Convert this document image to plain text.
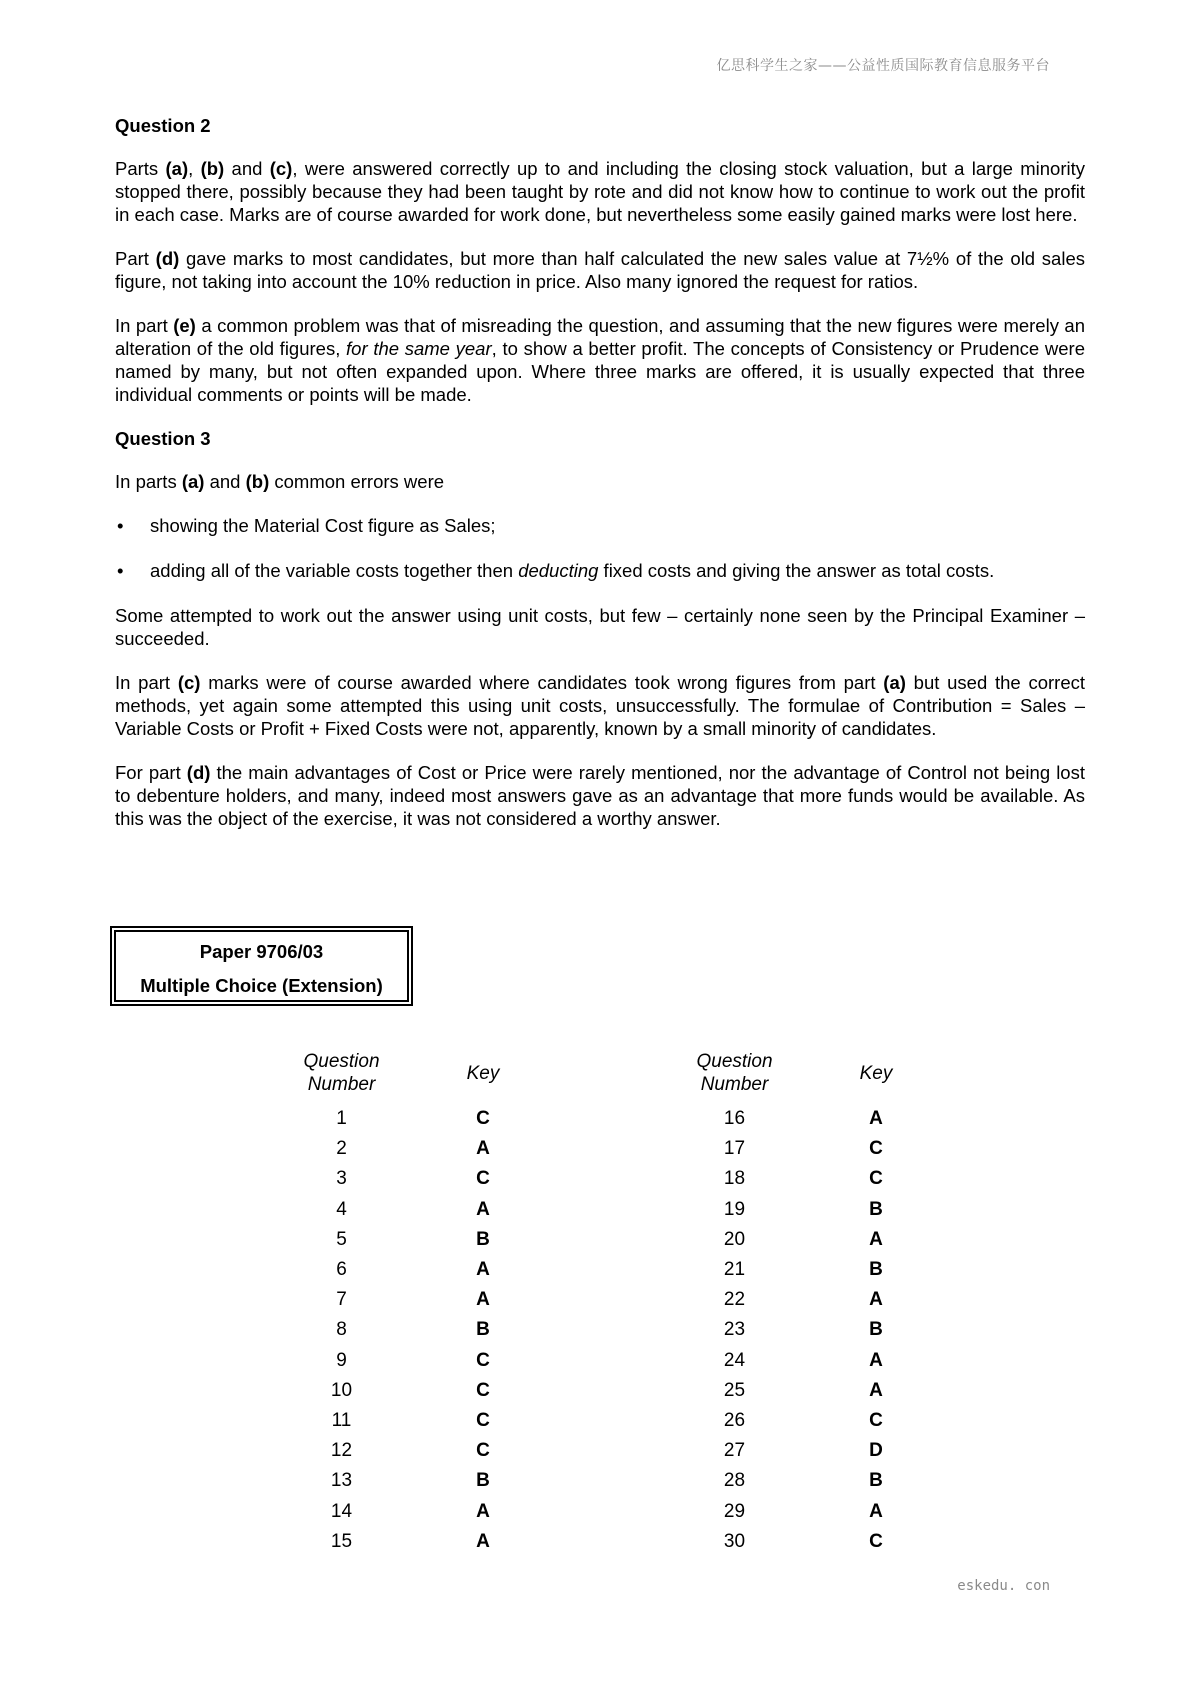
亿思科学生之家——公益性质国际教育信息服务平台
Question 2

Parts (a), (b) and (c), were answered correctly up to and including the closing stock valuation, but a large minority stopped there, possibly because they had been taught by rote and did not know how to continue to work out the profit in each case. Marks are of course awarded for work done, but nevertheless some easily gained marks were lost here.

Part (d) gave marks to most candidates, but more than half calculated the new sales value at 7½% of the old sales figure, not taking into account the 10% reduction in price. Also many ignored the request for ratios.

In part (e) a common problem was that of misreading the question, and assuming that the new figures were merely an alteration of the old figures, for the same year, to show a better profit. The concepts of Consistency or Prudence were named by many, but not often expanded upon. Where three marks are offered, it is usually expected that three individual comments or points will be made.

Question 3

In parts (a) and (b) common errors were

• showing the Material Cost figure as Sales;
• adding all of the variable costs together then deducting fixed costs and giving the answer as total costs.

Some attempted to work out the answer using unit costs, but few – certainly none seen by the Principal Examiner – succeeded.

In part (c) marks were of course awarded where candidates took wrong figures from part (a) but used the correct methods, yet again some attempted this using unit costs, unsuccessfully. The formulae of Contribution = Sales – Variable Costs or Profit + Fixed Costs were not, apparently, known by a small minority of candidates.

For part (d) the main advantages of Cost or Price were rarely mentioned, nor the advantage of Control not being lost to debenture holders, and many, indeed most answers gave as an advantage that more funds would be available. As this was the object of the exercise, it was not considered a worthy answer.

Paper 9706/03
Multiple Choice (Extension)
Question Number	Key		Question Number	Key
1	C		16	A
2	A		17	C
3	C		18	C
4	A		19	B
5	B		20	A
6	A		21	B
7	A		22	A
8	B		23	B
9	C		24	A
10	C		25	A
11	C		26	C
12	C		27	D
13	B		28	B
14	A		29	A
15	A		30	C
eskedu. con
